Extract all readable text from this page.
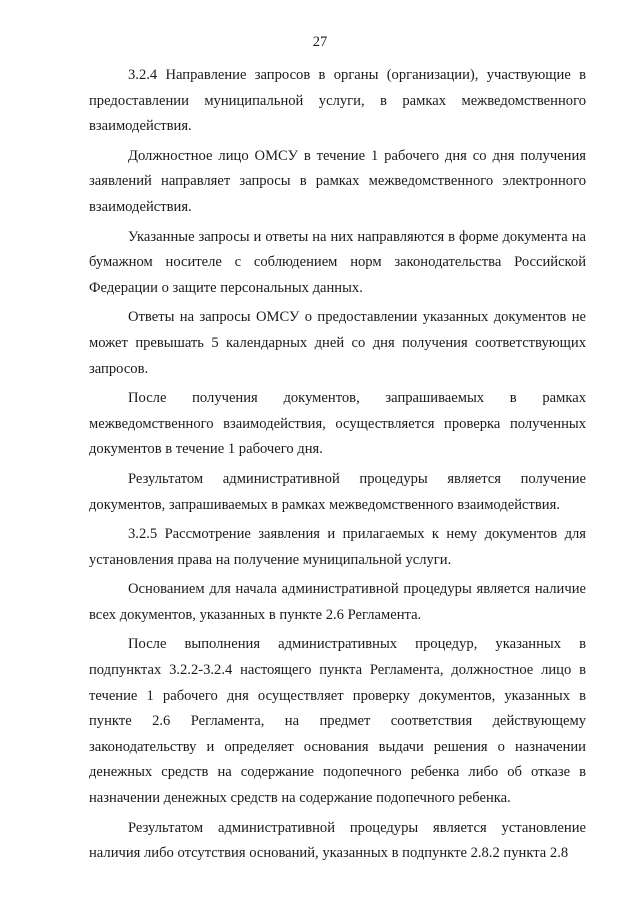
27

3.2.4 Направление запросов в органы (организации), участвующие в предоставлении муниципальной услуги, в рамках межведомственного взаимодействия.

Должностное лицо ОМСУ в течение 1 рабочего дня со дня получения заявлений направляет запросы в рамках межведомственного электронного взаимодействия.

Указанные запросы и ответы на них направляются в форме документа на бумажном носителе с соблюдением норм законодательства Российской Федерации о защите персональных данных.

Ответы на запросы ОМСУ о предоставлении указанных документов не может превышать 5 календарных дней со дня получения соответствующих запросов.

После получения документов, запрашиваемых в рамках межведомственного взаимодействия, осуществляется проверка полученных документов в течение 1 рабочего дня.

Результатом административной процедуры является получение документов, запрашиваемых в рамках межведомственного взаимодействия.

3.2.5 Рассмотрение заявления и прилагаемых к нему документов для установления права на получение муниципальной услуги.

Основанием для начала административной процедуры является наличие всех документов, указанных в пункте 2.6 Регламента.

После выполнения административных процедур, указанных в подпунктах 3.2.2-3.2.4 настоящего пункта Регламента, должностное лицо в течение 1 рабочего дня осуществляет проверку документов, указанных в пункте 2.6 Регламента, на предмет соответствия действующему законодательству и определяет основания выдачи решения о назначении денежных средств на содержание подопечного ребенка либо об отказе в назначении денежных средств на содержание подопечного ребенка.

Результатом административной процедуры является установление наличия либо отсутствия оснований, указанных в подпункте 2.8.2 пункта 2.8
